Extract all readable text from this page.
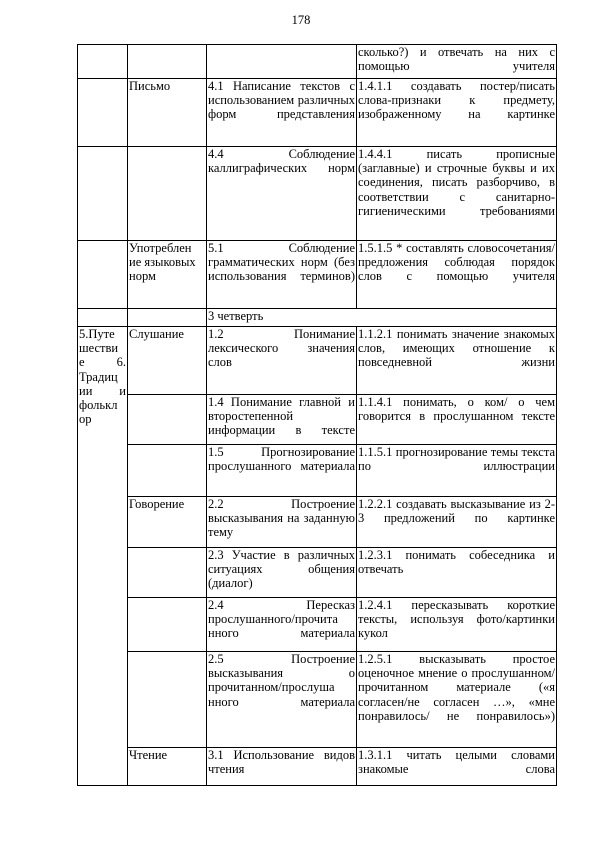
178
			сколько?) и отвечать на них с помощью учителя
	Письмо	4.1 Написание текстов с использованием различных форм представления	1.4.1.1 создавать постер/писать слова-признаки к предмету, изображенному на картинке
		4.4 Соблюдение каллиграфических норм	1.4.4.1 писать прописные (заглавные) и строчные буквы и их соединения, писать разборчиво, в соответствии с санитарно-гигиеническими требованиями
	Употреблен ие языковых норм	5.1 Соблюдение грамматических норм (без использования терминов)	1.5.1.5 * составлять словосочетания/ предложения соблюдая порядок слов с помощью учителя
		3 четверть	
5.Путе шестви е 6. Традиц ии и фолькл ор	Слушание	1.2 Понимание лексического значения слов	1.1.2.1 понимать значение знакомых слов, имеющих отношение к повседневной жизни
		1.4 Понимание главной и второстепенной информации в тексте	1.1.4.1 понимать, о ком/ о чем говорится в прослушанном тексте
		1.5 Прогнозирование прослушанного материала	1.1.5.1 прогнозирование темы текста по иллюстрации
	Говорение	2.2 Построение высказывания на заданную тему	1.2.2.1 создавать высказывание из 2-3 предложений по картинке
		2.3 Участие в различных ситуациях общения (диалог)	1.2.3.1 понимать собеседника и отвечать
		2.4 Пересказ прослушанного/прочита нного материала	1.2.4.1 пересказывать короткие тексты, используя фото/картинки кукол
		2.5 Построение высказывания о прочитанном/прослуша нного материала	1.2.5.1 высказывать простое оценочное мнение о прослушанном/прочитанном материале («я согласен/не согласен …», «мне понравилось/ не понравилось»)
	Чтение	3.1 Использование видов чтения	1.3.1.1 читать целыми словами знакомые слова
